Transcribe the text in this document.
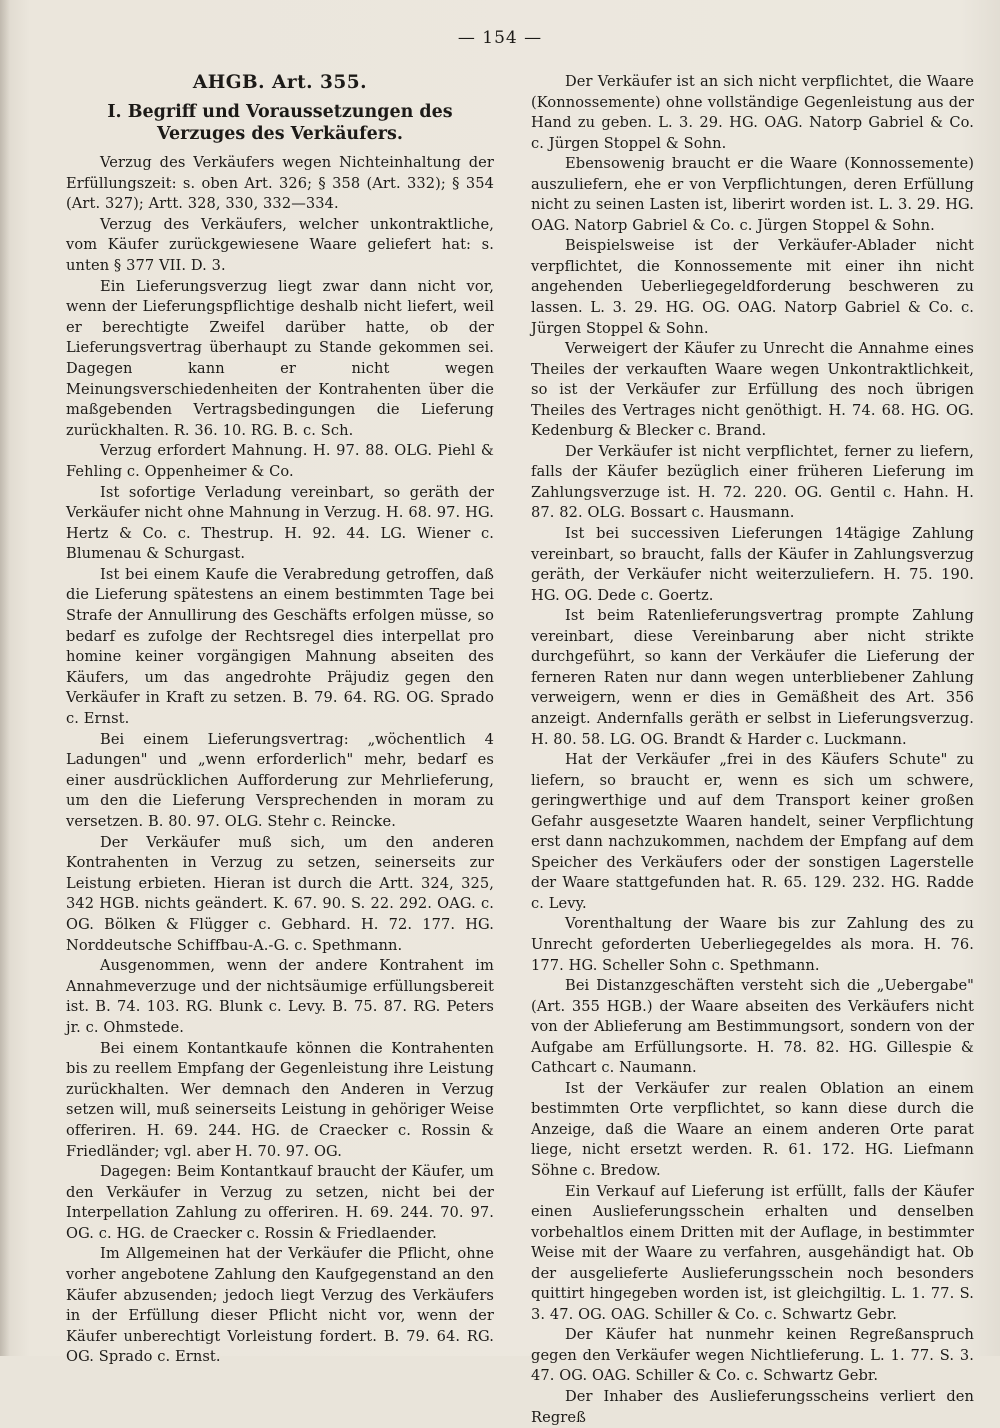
— 154 —
AHGB. Art. 355.
I. Begriff und Voraussetzungen des Verzuges des Verkäufers.

Verzug des Verkäufers wegen Nichteinhaltung der Erfüllungszeit: s. oben Art. 326; § 358 (Art. 332); § 354 (Art. 327); Artt. 328, 330, 332—334.

Verzug des Verkäufers, welcher unkontraktliche, vom Käufer zurückgewiesene Waare geliefert hat: s. unten § 377 VII. D. 3.

Ein Lieferungsverzug liegt zwar dann nicht vor, wenn der Lieferungspflichtige deshalb nicht liefert, weil er berechtigte Zweifel darüber hatte, ob der Lieferungsvertrag überhaupt zu Stande gekommen sei. Dagegen kann er nicht wegen Meinungsverschiedenheiten der Kontrahenten über die maßgebenden Vertragsbedingungen die Lieferung zurückhalten. R. 36. 10. RG. B. c. Sch.

Verzug erfordert Mahnung. H. 97. 88. OLG. Piehl & Fehling c. Oppenheimer & Co.

Ist sofortige Verladung vereinbart, so geräth der Verkäufer nicht ohne Mahnung in Verzug. H. 68. 97. HG. Hertz & Co. c. Thestrup. H. 92. 44. LG. Wiener c. Blumenau & Schurgast.

Ist bei einem Kaufe die Verabredung getroffen, daß die Lieferung spätestens an einem bestimmten Tage bei Strafe der Annullirung des Geschäfts erfolgen müsse, so bedarf es zufolge der Rechtsregel dies interpellat pro homine keiner vorgängigen Mahnung abseiten des Käufers, um das angedrohte Präjudiz gegen den Verkäufer in Kraft zu setzen. B. 79. 64. RG. OG. Sprado c. Ernst.

Bei einem Lieferungsvertrag: „wöchentlich 4 Ladungen" und „wenn erforderlich" mehr, bedarf es einer ausdrücklichen Aufforderung zur Mehrlieferung, um den die Lieferung Versprechenden in moram zu versetzen. B. 80. 97. OLG. Stehr c. Reincke.

Der Verkäufer muß sich, um den anderen Kontrahenten in Verzug zu setzen, seinerseits zur Leistung erbieten. Hieran ist durch die Artt. 324, 325, 342 HGB. nichts geändert. K. 67. 90. S. 22. 292. OAG. c. OG. Bölken & Flügger c. Gebhard. H. 72. 177. HG. Norddeutsche Schiffbau-A.-G. c. Spethmann.

Ausgenommen, wenn der andere Kontrahent im Annahmeverzuge und der nichtsäumige erfüllungsbereit ist. B. 74. 103. RG. Blunk c. Levy. B. 75. 87. RG. Peters jr. c. Ohmstede.

Bei einem Kontantkaufe können die Kontrahenten bis zu reellem Empfang der Gegenleistung ihre Leistung zurückhalten. Wer demnach den Anderen in Verzug setzen will, muß seinerseits Leistung in gehöriger Weise offeriren. H. 69. 244. HG. de Craecker c. Rossin & Friedländer; vgl. aber H. 70. 97. OG.

Dagegen: Beim Kontantkauf braucht der Käufer, um den Verkäufer in Verzug zu setzen, nicht bei der Interpellation Zahlung zu offeriren. H. 69. 244. 70. 97. OG. c. HG. de Craecker c. Rossin & Friedlaender.

Im Allgemeinen hat der Verkäufer die Pflicht, ohne vorher angebotene Zahlung den Kaufgegenstand an den Käufer abzusenden; jedoch liegt Verzug des Verkäufers in der Erfüllung dieser Pflicht nicht vor, wenn der Käufer unberechtigt Vorleistung fordert. B. 79. 64. RG. OG. Sprado c. Ernst.

Der Verkäufer ist an sich nicht verpflichtet, die Waare (Konnossemente) ohne vollständige Gegenleistung aus der Hand zu geben. L. 3. 29. HG. OAG. Natorp Gabriel & Co. c. Jürgen Stoppel & Sohn.

Ebensowenig braucht er die Waare (Konnossemente) auszuliefern, ehe er von Verpflichtungen, deren Erfüllung nicht zu seinen Lasten ist, liberirt worden ist. L. 3. 29. HG. OAG. Natorp Gabriel & Co. c. Jürgen Stoppel & Sohn.

Beispielsweise ist der Verkäufer-Ablader nicht verpflichtet, die Konnossemente mit einer ihn nicht angehenden Ueberliegegeldforderung beschweren zu lassen. L. 3. 29. HG. OG. OAG. Natorp Gabriel & Co. c. Jürgen Stoppel & Sohn.

Verweigert der Käufer zu Unrecht die Annahme eines Theiles der verkauften Waare wegen Unkontraktlichkeit, so ist der Verkäufer zur Erfüllung des noch übrigen Theiles des Vertrages nicht genöthigt. H. 74. 68. HG. OG. Kedenburg & Blecker c. Brand.

Der Verkäufer ist nicht verpflichtet, ferner zu liefern, falls der Käufer bezüglich einer früheren Lieferung im Zahlungsverzuge ist. H. 72. 220. OG. Gentil c. Hahn. H. 87. 82. OLG. Bossart c. Hausmann.

Ist bei successiven Lieferungen 14tägige Zahlung vereinbart, so braucht, falls der Käufer in Zahlungsverzug geräth, der Verkäufer nicht weiterzuliefern. H. 75. 190. HG. OG. Dede c. Goertz.

Ist beim Ratenlieferungsvertrag prompte Zahlung vereinbart, diese Vereinbarung aber nicht strikte durchgeführt, so kann der Verkäufer die Lieferung der ferneren Raten nur dann wegen unterbliebener Zahlung verweigern, wenn er dies in Gemäßheit des Art. 356 anzeigt. Andernfalls geräth er selbst in Lieferungsverzug. H. 80. 58. LG. OG. Brandt & Harder c. Luckmann.

Hat der Verkäufer „frei in des Käufers Schute" zu liefern, so braucht er, wenn es sich um schwere, geringwerthige und auf dem Transport keiner großen Gefahr ausgesetzte Waaren handelt, seiner Verpflichtung erst dann nachzukommen, nachdem der Empfang auf dem Speicher des Verkäufers oder der sonstigen Lagerstelle der Waare stattgefunden hat. R. 65. 129. 232. HG. Radde c. Levy.

Vorenthaltung der Waare bis zur Zahlung des zu Unrecht geforderten Ueberliegegeldes als mora. H. 76. 177. HG. Scheller Sohn c. Spethmann.

Bei Distanzgeschäften versteht sich die „Uebergabe" (Art. 355 HGB.) der Waare abseiten des Verkäufers nicht von der Ablieferung am Bestimmungsort, sondern von der Aufgabe am Erfüllungsorte. H. 78. 82. HG. Gillespie & Cathcart c. Naumann.

Ist der Verkäufer zur realen Oblation an einem bestimmten Orte verpflichtet, so kann diese durch die Anzeige, daß die Waare an einem anderen Orte parat liege, nicht ersetzt werden. R. 61. 172. HG. Liefmann Söhne c. Bredow.

Ein Verkauf auf Lieferung ist erfüllt, falls der Käufer einen Auslieferungsschein erhalten und denselben vorbehaltlos einem Dritten mit der Auflage, in bestimmter Weise mit der Waare zu verfahren, ausgehändigt hat. Ob der ausgelieferte Auslieferungsschein noch besonders quittirt hingegeben worden ist, ist gleichgiltig. L. 1. 77. S. 3. 47. OG. OAG. Schiller & Co. c. Schwartz Gebr.

Der Käufer hat nunmehr keinen Regreßanspruch gegen den Verkäufer wegen Nichtlieferung. L. 1. 77. S. 3. 47. OG. OAG. Schiller & Co. c. Schwartz Gebr.

Der Inhaber des Auslieferungsscheins verliert den Regreß
